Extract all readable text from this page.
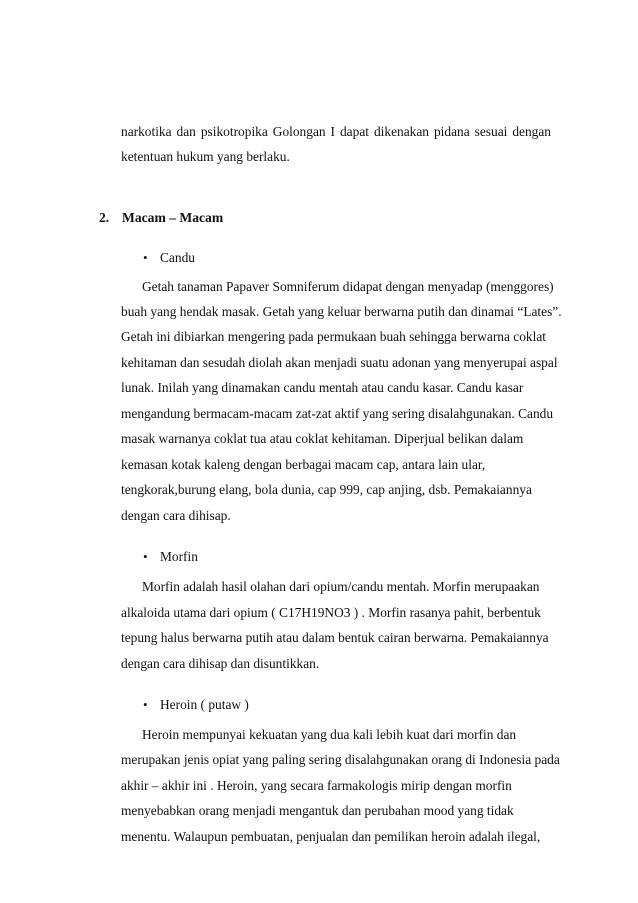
narkotika dan psikotropika Golongan I dapat dikenakan pidana sesuai dengan
ketentuan hukum yang berlaku.
2. Macam – Macam
• Candu
Getah tanaman Papaver Somniferum didapat dengan menyadap (menggores)
buah yang hendak masak. Getah yang keluar berwarna putih dan dinamai “Lates”.
Getah ini dibiarkan mengering pada permukaan buah sehingga berwarna coklat
kehitaman dan sesudah diolah akan menjadi suatu adonan yang menyerupai aspal
lunak. Inilah yang dinamakan candu mentah atau candu kasar. Candu kasar
mengandung bermacam-macam zat-zat aktif yang sering disalahgunakan. Candu
masak warnanya coklat tua atau coklat kehitaman. Diperjual belikan dalam
kemasan kotak kaleng dengan berbagai macam cap, antara lain ular,
tengkorak,burung elang, bola dunia, cap 999, cap anjing, dsb. Pemakaiannya
dengan cara dihisap.
• Morfin
Morfin adalah hasil olahan dari opium/candu mentah. Morfin merupaakan
alkaloida utama dari opium ( C17H19NO3 ) . Morfin rasanya pahit, berbentuk
tepung halus berwarna putih atau dalam bentuk cairan berwarna. Pemakaiannya
dengan cara dihisap dan disuntikkan.
• Heroin ( putaw )
Heroin mempunyai kekuatan yang dua kali lebih kuat dari morfin dan
merupakan jenis opiat yang paling sering disalahgunakan orang di Indonesia pada
akhir – akhir ini . Heroin, yang secara farmakologis mirip dengan morfin
menyebabkan orang menjadi mengantuk dan perubahan mood yang tidak
menentu. Walaupun pembuatan, penjualan dan pemilikan heroin adalah ilegal,
